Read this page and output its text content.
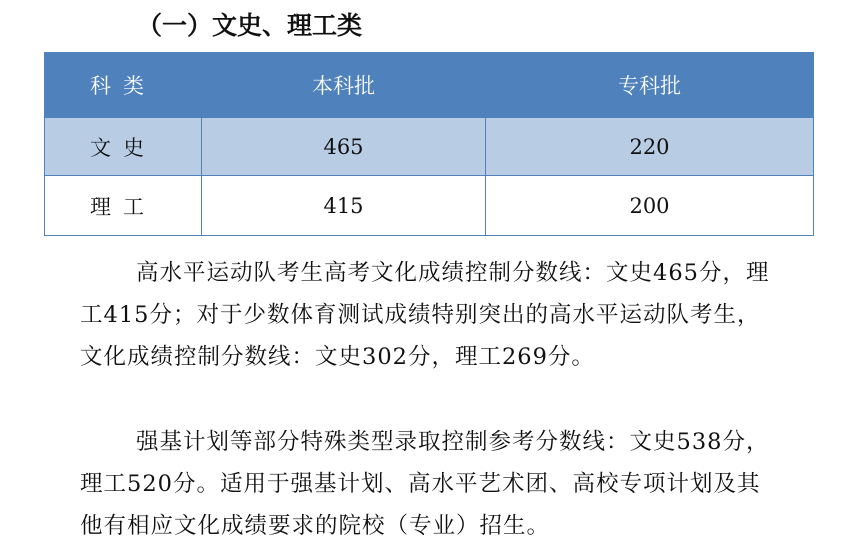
（一）文史、理工类
科类	本科批	专科批
文史	465	220
理工	415	200

高水平运动队考生高考文化成绩控制分数线：文史465分，理工415分；对于少数体育测试成绩特别突出的高水平运动队考生，文化成绩控制分数线：文史302分，理工269分。

强基计划等部分特殊类型录取控制参考分数线：文史538分，理工520分。适用于强基计划、高水平艺术团、高校专项计划及其他有相应文化成绩要求的院校（专业）招生。
